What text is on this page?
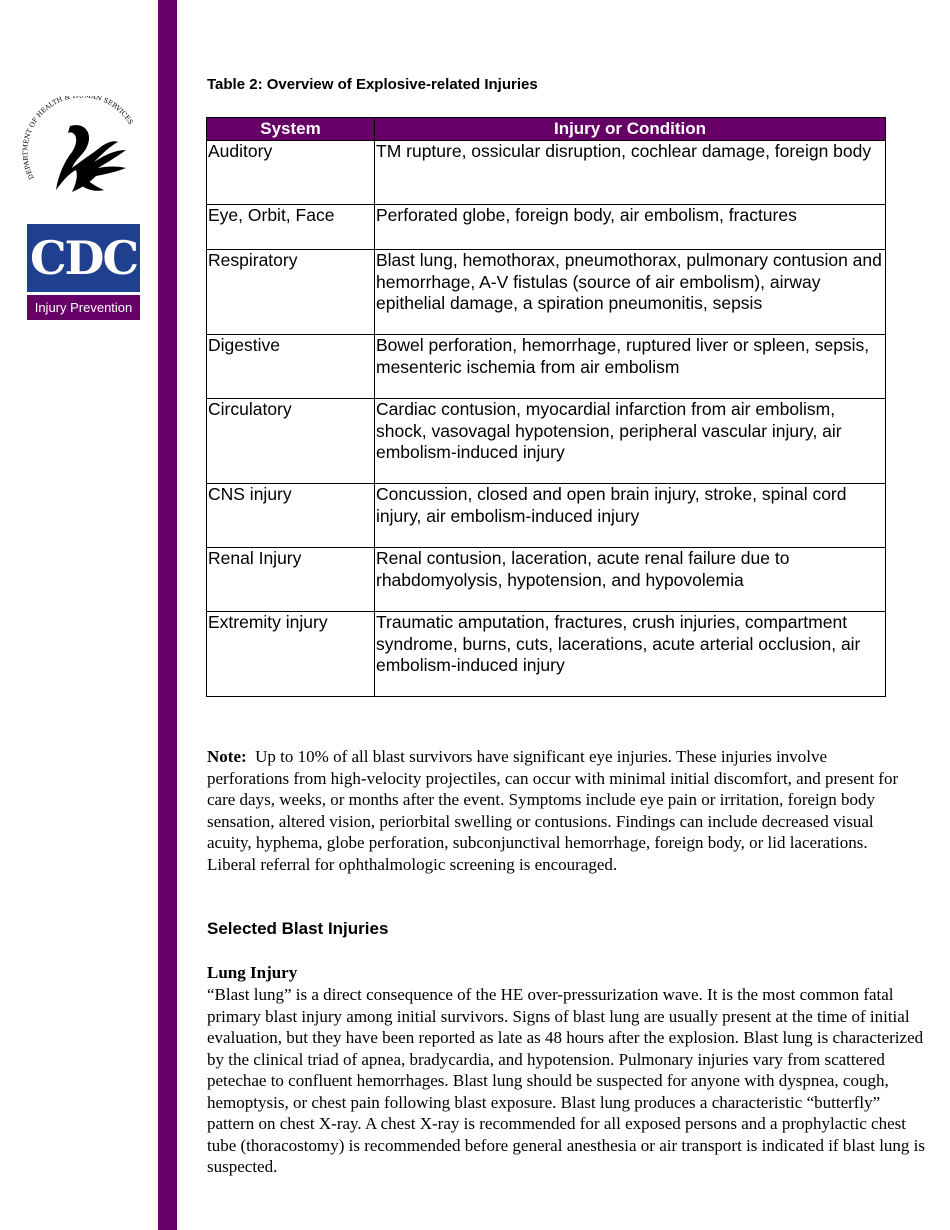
DEPARTMENT OF HEALTH & AN SERVICES
CDC
Injury Prevention

Table 2: Overview of Explosive-related Injuries

System	Injury or Condition
Auditory	TM rupture, ossicular disruption, cochlear damage, foreign body
Eye, Orbit, Face	Perforated globe, foreign body, air embolism, fractures
Respiratory	Blast lung, hemothorax, pneumothorax, pulmonary contusion and hemorrhage, A-V fistulas (source of air embolism), airway epithelial damage, a spiration pneumonitis, sepsis
Digestive	Bowel perforation, hemorrhage, ruptured liver or spleen, sepsis, mesenteric ischemia from air embolism
Circulatory	Cardiac contusion, myocardial infarction from air embolism, shock, vasovagal hypotension, peripheral vascular injury, air embolism-induced injury
CNS injury	Concussion, closed and open brain injury, stroke, spinal cord injury, air embolism-induced injury
Renal Injury	Renal contusion, laceration, acute renal failure due to rhabdomyolysis, hypotension, and hypovolemia
Extremity injury	Traumatic amputation, fractures, crush injuries, compartment syndrome, burns, cuts, lacerations, acute arterial occlusion, air embolism-induced injury

Note: Up to 10% of all blast survivors have significant eye injuries. These injuries involve perforations from high-velocity projectiles, can occur with minimal initial discomfort, and present for care days, weeks, or months after the event. Symptoms include eye pain or irritation, foreign body sensation, altered vision, periorbital swelling or contusions. Findings can include decreased visual acuity, hyphema, globe perforation, subconjunctival hemorrhage, foreign body, or lid lacerations. Liberal referral for ophthalmologic screening is encouraged.

Selected Blast Injuries

Lung Injury

“Blast lung” is a direct consequence of the HE over-pressurization wave. It is the most common fatal primary blast injury among initial survivors. Signs of blast lung are usually present at the time of initial evaluation, but they have been reported as late as 48 hours after the explosion. Blast lung is characterized by the clinical triad of apnea, bradycardia, and hypotension. Pulmonary injuries vary from scattered petechae to confluent hemorrhages. Blast lung should be suspected for anyone with dyspnea, cough, hemoptysis, or chest pain following blast exposure. Blast lung produces a characteristic “butterfly” pattern on chest X-ray. A chest X-ray is recommended for all exposed persons and a prophylactic chest tube (thoracostomy) is recommended before general anesthesia or air transport is indicated if blast lung is suspected.
